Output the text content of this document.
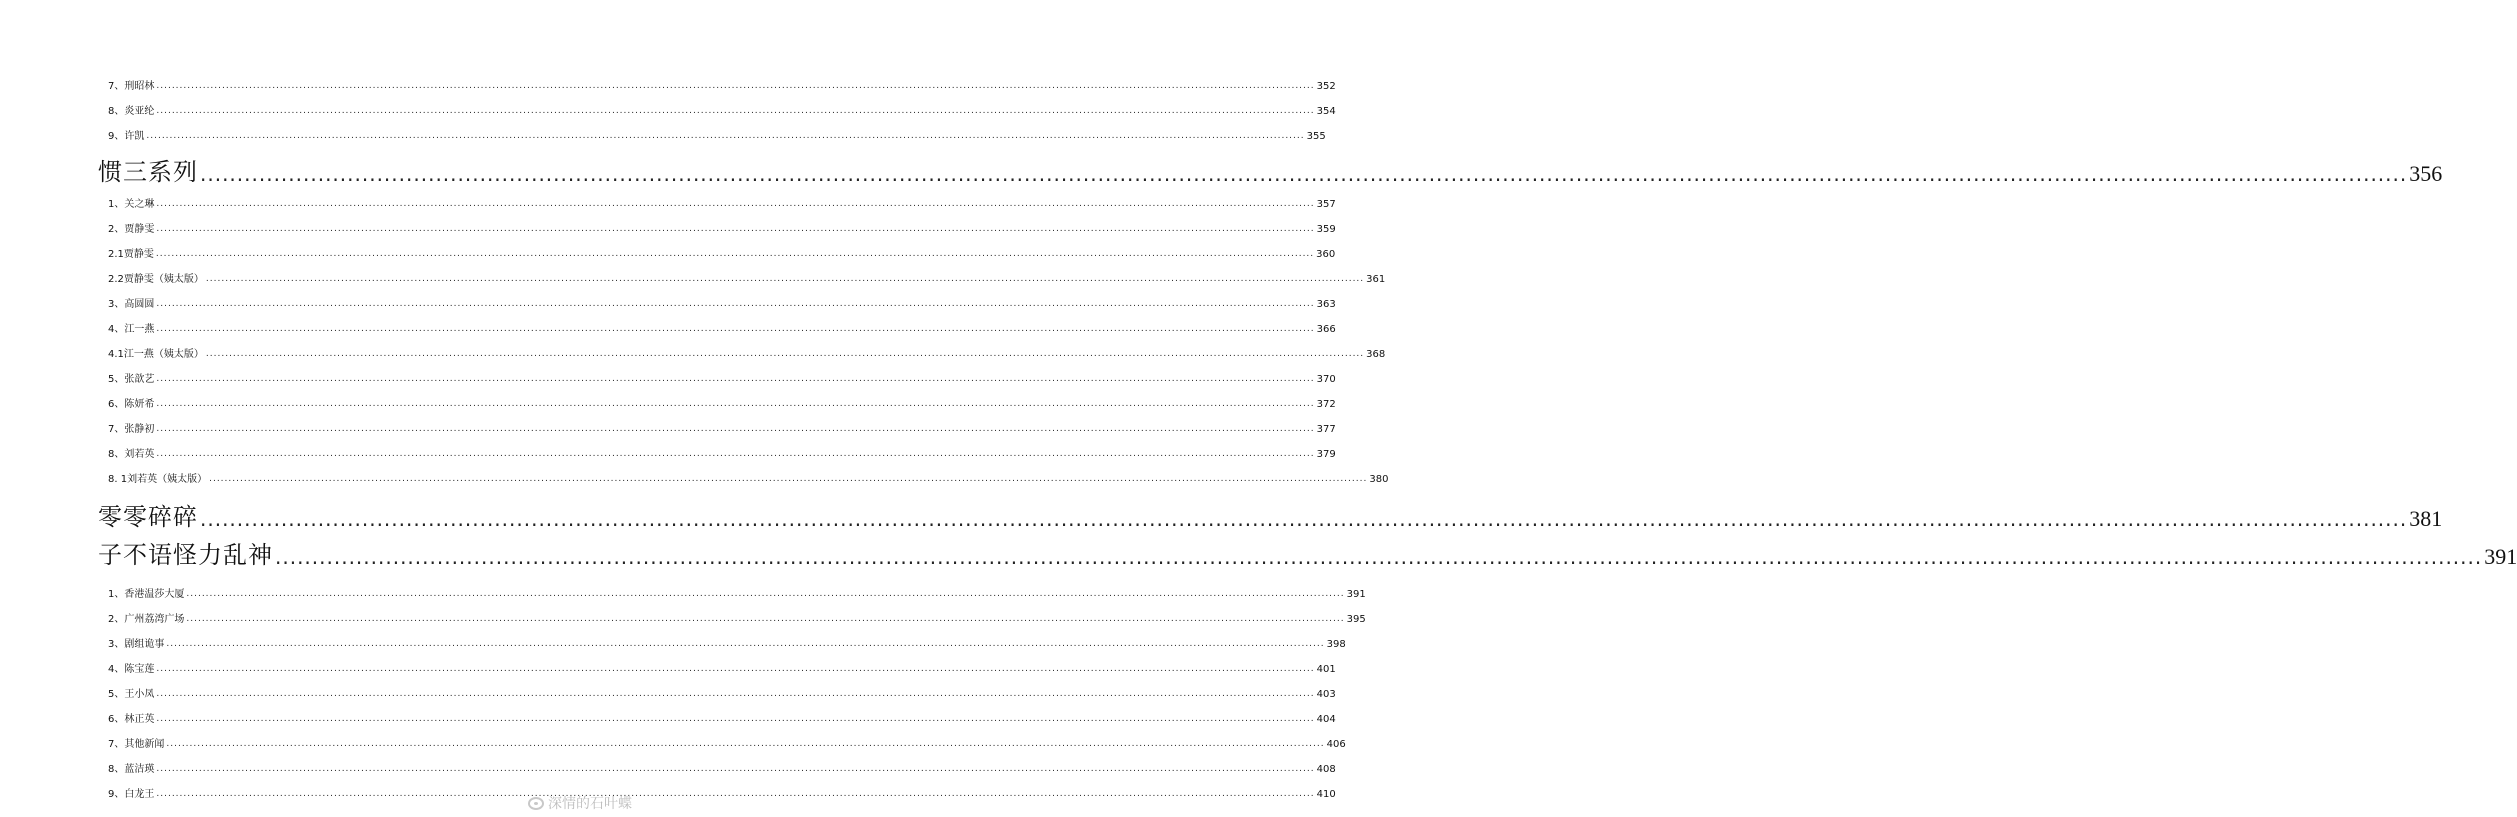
7、刑昭林 ............................................................................................................................................................................................................................................................................................................ 352
8、炎亚纶 ............................................................................................................................................................................................................................................................................................................ 354
9、许凯 ............................................................................................................................................................................................................................................................................................................ 355
惯三系列 ............................................................................................................................................................................................................................................................................................................ 356
1、关之琳 ............................................................................................................................................................................................................................................................................................................ 357
2、贾静雯 ............................................................................................................................................................................................................................................................................................................ 359
2.1贾静雯 ............................................................................................................................................................................................................................................................................................................ 360
2.2贾静雯（姨太版） ............................................................................................................................................................................................................................................................................................................ 361
3、高圆圆 ............................................................................................................................................................................................................................................................................................................ 363
4、江一燕 ............................................................................................................................................................................................................................................................................................................ 366
4.1江一燕（姨太版） ............................................................................................................................................................................................................................................................................................................ 368
5、张歆艺 ............................................................................................................................................................................................................................................................................................................ 370
6、陈妍希 ............................................................................................................................................................................................................................................................................................................ 372
7、张静初 ............................................................................................................................................................................................................................................................................................................ 377
8、刘若英 ............................................................................................................................................................................................................................................................................................................ 379
8. 1刘若英（姨太版） ............................................................................................................................................................................................................................................................................................................ 380
零零碎碎 ............................................................................................................................................................................................................................................................................................................ 381
子不语怪力乱神 ............................................................................................................................................................................................................................................................................................................ 391
1、香港温莎大厦 ............................................................................................................................................................................................................................................................................................................ 391
2、广州荔湾广场 ............................................................................................................................................................................................................................................................................................................ 395
3、剧组诡事 ............................................................................................................................................................................................................................................................................................................ 398
4、陈宝莲 ............................................................................................................................................................................................................................................................................................................ 401
5、王小凤 ............................................................................................................................................................................................................................................................................................................ 403
6、林正英 ............................................................................................................................................................................................................................................................................................................ 404
7、其他新闻 ............................................................................................................................................................................................................................................................................................................ 406
8、蓝洁瑛 ............................................................................................................................................................................................................................................................................................................ 408
9、白龙王 ............................................................................................................................................................................................................................................................................................................ 410
深情的石叶蝶
